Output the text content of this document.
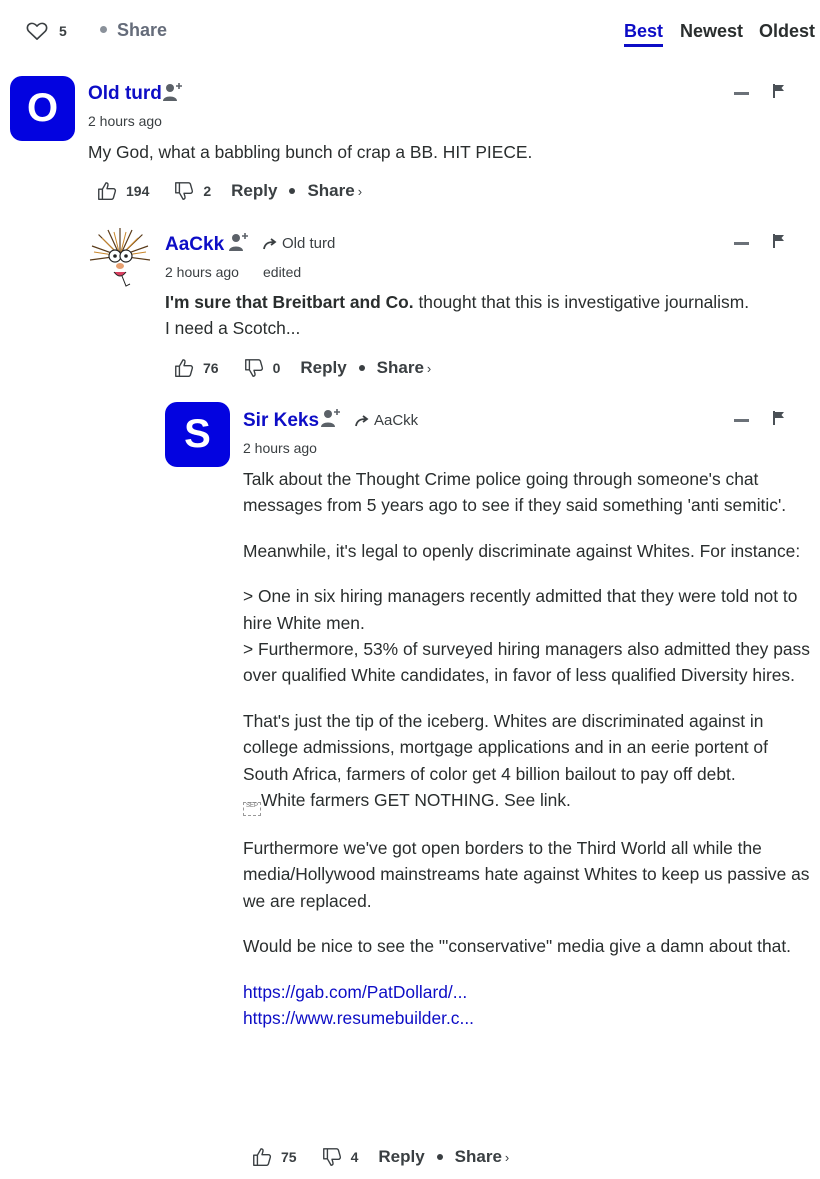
5	Share	Best Newest Oldest
O	Old turd
2 hours ago
My God, what a babbling bunch of crap a BB. HIT PIECE.
194	2 Reply Share ›
AaCkk	Old turd
2 hours ago edited
I'm sure that Breitbart and Co. thought that this is investigative journalism.
I need a Scotch...
76	0 Reply Share ›
S	Sir Keks	AaCkk
2 hours ago

Talk about the Thought Crime police going through someone's chat messages from 5 years ago to see if they said something 'anti semitic'.

Meanwhile, it's legal to openly discriminate against Whites. For instance:

> One in six hiring managers recently admitted that they were told not to hire White men.
> Furthermore, 53% of surveyed hiring managers also admitted they pass over qualified White candidates, in favor of less qualified Diversity hires.

That's just the tip of the iceberg. Whites are discriminated against in college admissions, mortgage applications and in an eerie portent of South Africa, farmers of color get 4 billion bailout to pay off debt.
SEP White farmers GET NOTHING. See link.

Furthermore we've got open borders to the Third World all while the media/Hollywood mainstreams hate against Whites to keep us passive as we are replaced.

Would be nice to see the "'conservative" media give a damn about that.

https://gab.com/PatDollard/...
https://www.resumebuilder.c...
75	4 Reply Share ›
